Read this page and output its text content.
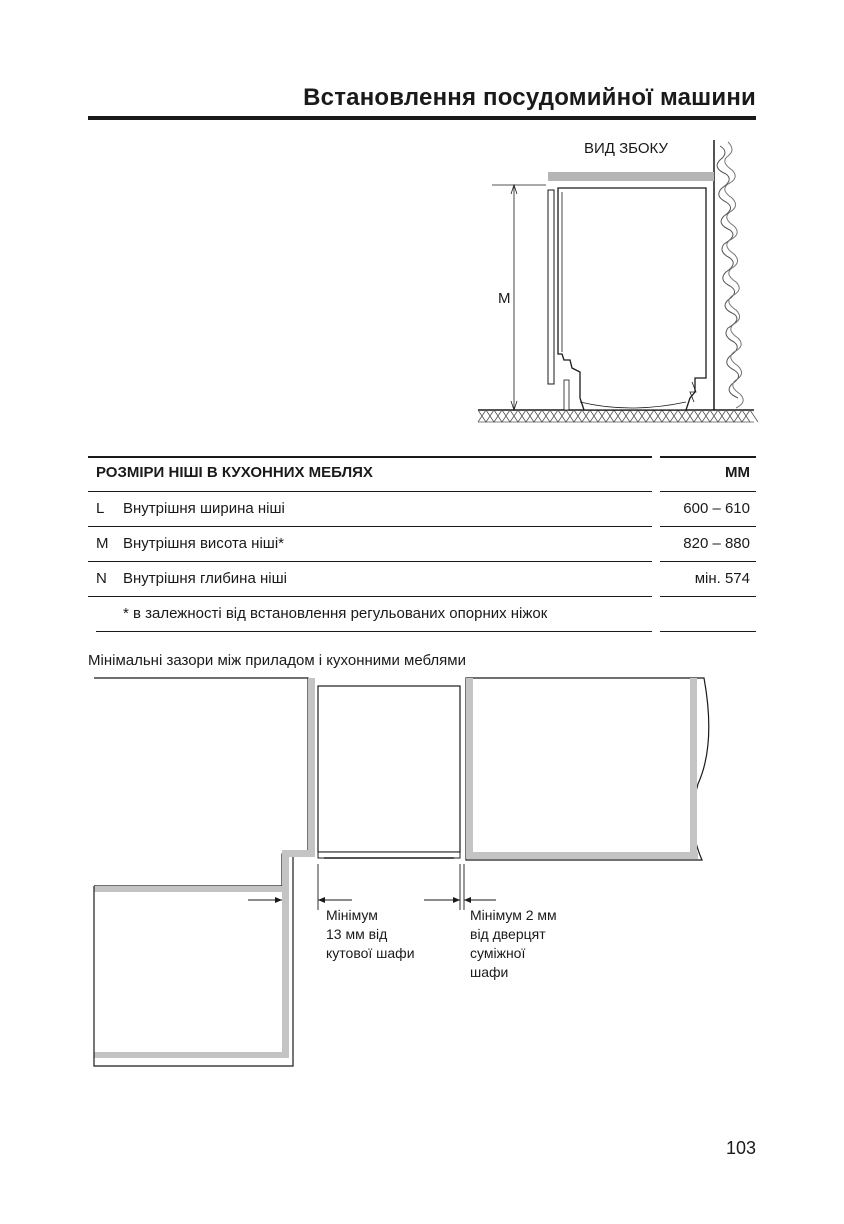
Встановлення посудомийної машини
ВИД ЗБОКУ
M
РОЗМІРИ НІШІ В КУХОННИХ МЕБЛЯХ	MM
L Внутрішня ширина ніші	600 – 610
M Внутрішня висота ніші*	820 – 880
N Внутрішня глибина ніші	мін. 574
* в залежності від встановлення регульованих опорних ніжок
Мінімальні зазори між приладом і кухонними меблями
Мінімум
13 мм від
кутової шафи
Мінімум 2 мм
від дверцят
суміжної
шафи
103
